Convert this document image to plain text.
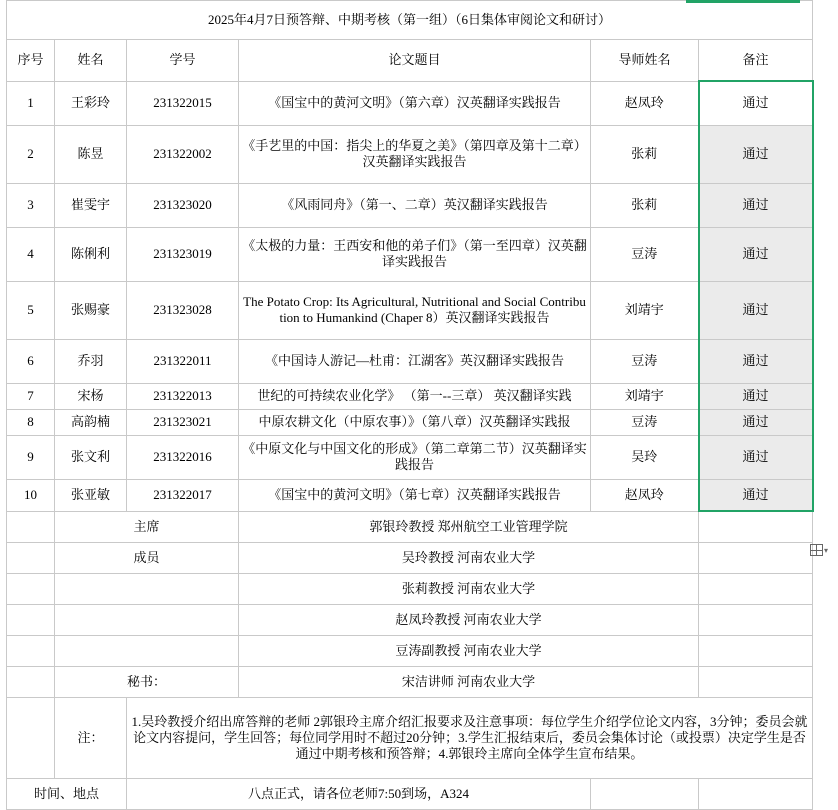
2025年4月7日预答辩、中期考核（第一组）（6日集体审阅论文和研讨）					
序号	姓名	学号	论文题目	导师姓名	备注
1	王彩玲	231322015	《国宝中的黄河文明》（第六章）汉英翻译实践报告	赵凤玲	通过
2	陈昱	231322002	《手艺里的中国：指尖上的华夏之美》（第四章及第十二章）汉英翻译实践报告	张莉	通过
3	崔雯宇	231323020	《风雨同舟》（第一、二章）英汉翻译实践报告	张莉	通过
4	陈俐利	231323019	《太极的力量：王西安和他的弟子们》（第一至四章）汉英翻译实践报告	豆涛	通过
5	张赐豪	231323028	The Potato Crop: Its Agricultural, Nutritional and Social Contribution to Humankind (Chaper 8）英汉翻译实践报告	刘靖宇	通过
6	乔羽	231322011	《中国诗人游记—杜甫：江湖客》英汉翻译实践报告	豆涛	通过
7	宋杨	231322013	世纪的可持续农业化学》 （第一--三章） 英汉翻译实践	刘靖宇	通过
8	高韵楠	231323021	中原农耕文化（中原农事）》（第八章）汉英翻译实践报	豆涛	通过
9	张文利	231322016	《中原文化与中国文化的形成》（第二章第二节）汉英翻译实践报告	吴玲	通过
10	张亚敏	231322017	《国宝中的黄河文明》（第七章）汉英翻译实践报告	赵凤玲	通过
	主席		郭银玲教授 郑州航空工业管理学院		
	成员		吴玲教授 河南农业大学		
			张莉教授 河南农业大学		
			赵凤玲教授 河南农业大学		
			豆涛副教授 河南农业大学		
	秘书：		宋洁讲师 河南农业大学		
	注：	1.吴玲教授介绍出席答辩的老师 2郭银玲主席介绍汇报要求及注意事项：每位学生介绍学位论文内容，3分钟；委员会就论文内容提问，学生回答；每位同学用时不超过20分钟；3.学生汇报结束后，委员会集体讨论（或投票）决定学生是否通过中期考核和预答辩；4.郭银玲主席向全体学生宣布结果。			
时间、地点		八点正式，请各位老师7:50到场，A324			
▾
